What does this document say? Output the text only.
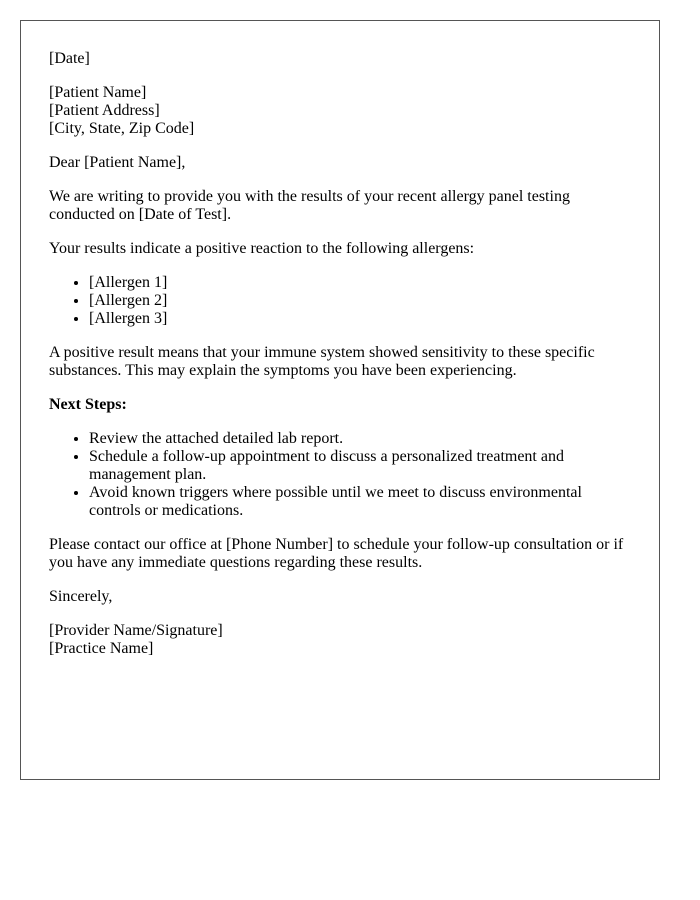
[Date]

[Patient Name]
[Patient Address]
[City, State, Zip Code]

Dear [Patient Name],

We are writing to provide you with the results of your recent allergy panel testing conducted on [Date of Test].

Your results indicate a positive reaction to the following allergens:

• [Allergen 1]
• [Allergen 2]
• [Allergen 3]

A positive result means that your immune system showed sensitivity to these specific substances. This may explain the symptoms you have been experiencing.

Next Steps:

• Review the attached detailed lab report.
• Schedule a follow-up appointment to discuss a personalized treatment and management plan.
• Avoid known triggers where possible until we meet to discuss environmental controls or medications.

Please contact our office at [Phone Number] to schedule your follow-up consultation or if you have any immediate questions regarding these results.

Sincerely,

[Provider Name/Signature]
[Practice Name]
